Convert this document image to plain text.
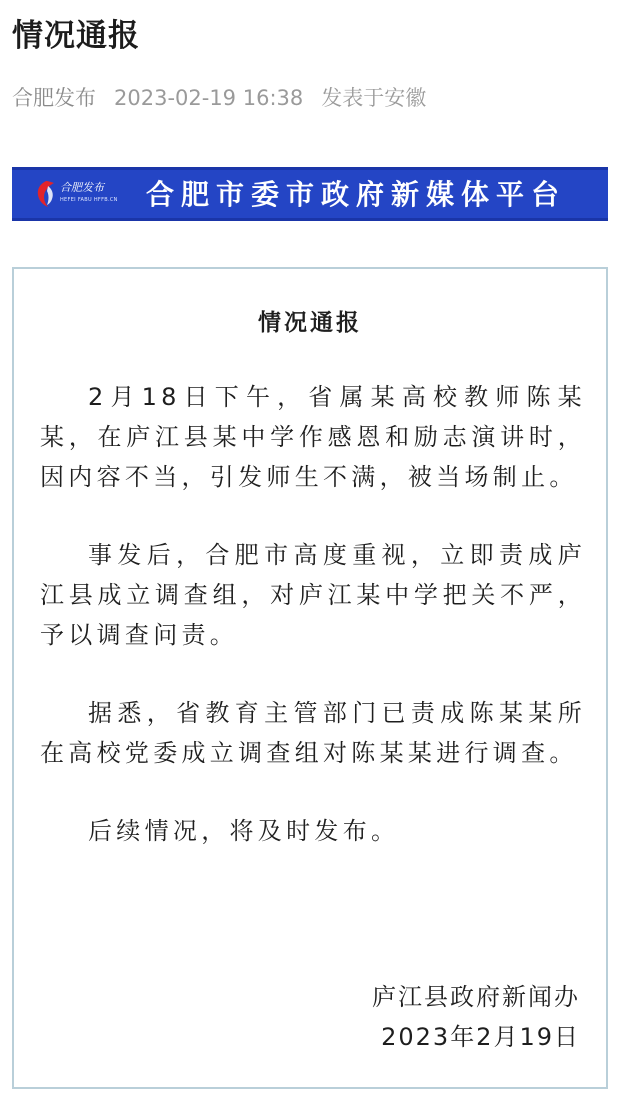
情况通报
合肥发布 2023-02-19 16:38 发表于安徽
合肥发布
HEFEI FABU HFFB.CN 合肥市委市政府新媒体平台
情况通报

2月18日下午，省属某高校教师陈某某，在庐江县某中学作感恩和励志演讲时，因内容不当，引发师生不满，被当场制止。

事发后，合肥市高度重视，立即责成庐江县成立调查组，对庐江某中学把关不严，予以调查问责。

据悉，省教育主管部门已责成陈某某所在高校党委成立调查组对陈某某进行调查。

后续情况，将及时发布。

庐江县政府新闻办
2023年2月19日
